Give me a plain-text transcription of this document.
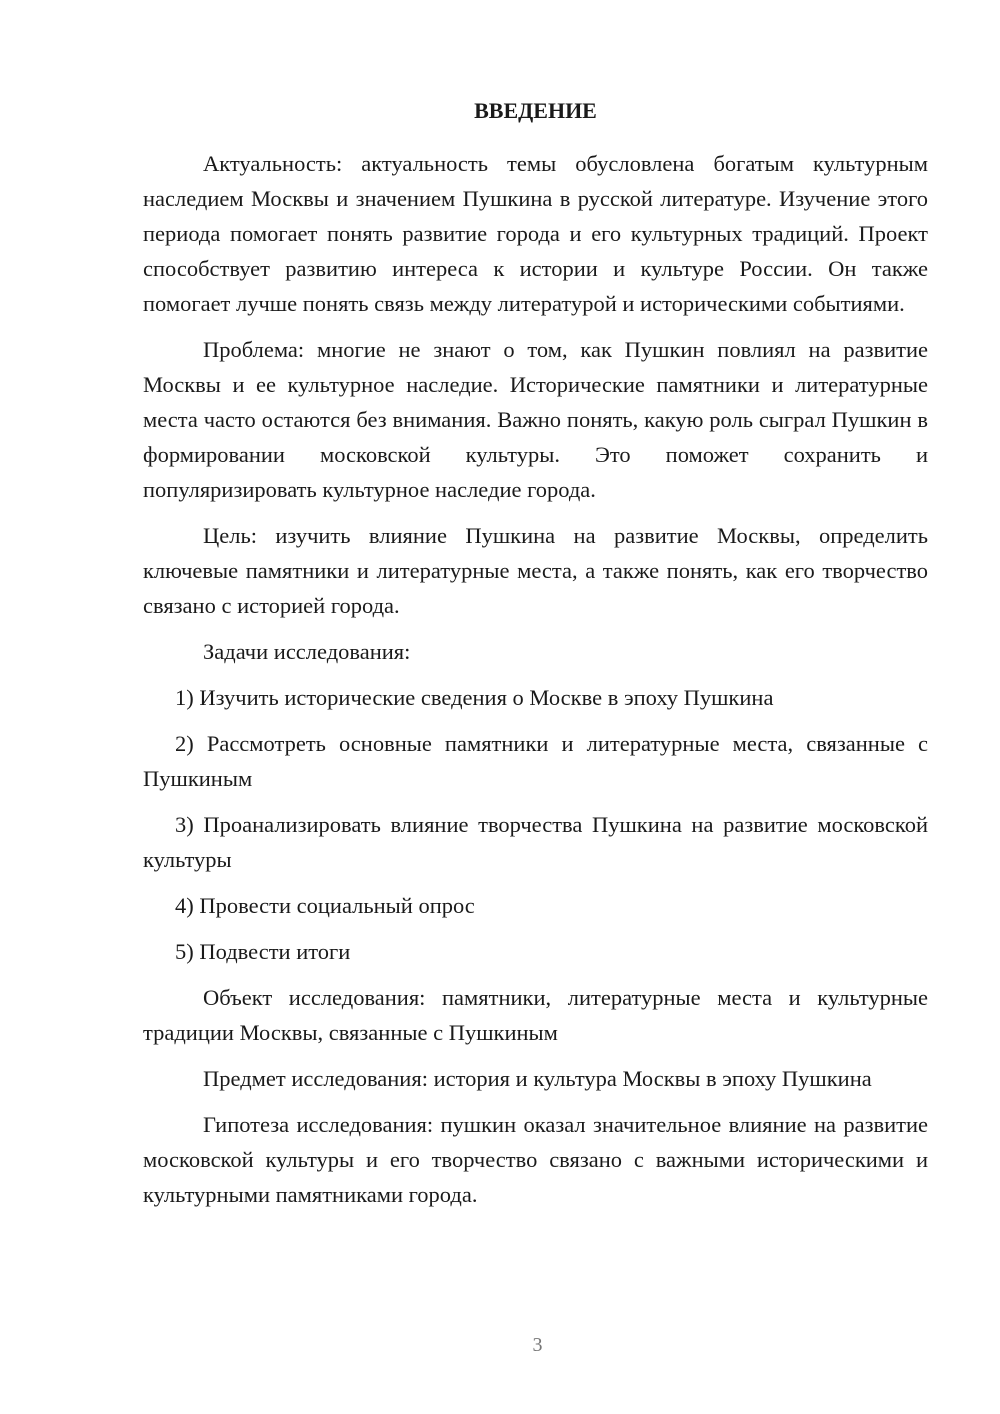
ВВЕДЕНИЕ

Актуальность: актуальность темы обусловлена богатым культурным наследием Москвы и значением Пушкина в русской литературе. Изучение этого периода помогает понять развитие города и его культурных традиций. Проект способствует развитию интереса к истории и культуре России. Он также помогает лучше понять связь между литературой и историческими событиями.

Проблема: многие не знают о том, как Пушкин повлиял на развитие Москвы и ее культурное наследие. Исторические памятники и литературные места часто остаются без внимания. Важно понять, какую роль сыграл Пушкин в формировании московской культуры. Это поможет сохранить и популяризировать культурное наследие города.

Цель: изучить влияние Пушкина на развитие Москвы, определить ключевые памятники и литературные места, а также понять, как его творчество связано с историей города.

Задачи исследования:

1) Изучить исторические сведения о Москве в эпоху Пушкина

2) Рассмотреть основные памятники и литературные места, связанные с Пушкиным

3) Проанализировать влияние творчества Пушкина на развитие московской культуры

4) Провести социальный опрос

5) Подвести итоги

Объект исследования: памятники, литературные места и культурные традиции Москвы, связанные с Пушкиным

Предмет исследования: история и культура Москвы в эпоху Пушкина

Гипотеза исследования: пушкин оказал значительное влияние на развитие московской культуры и его творчество связано с важными историческими и культурными памятниками города.

3
